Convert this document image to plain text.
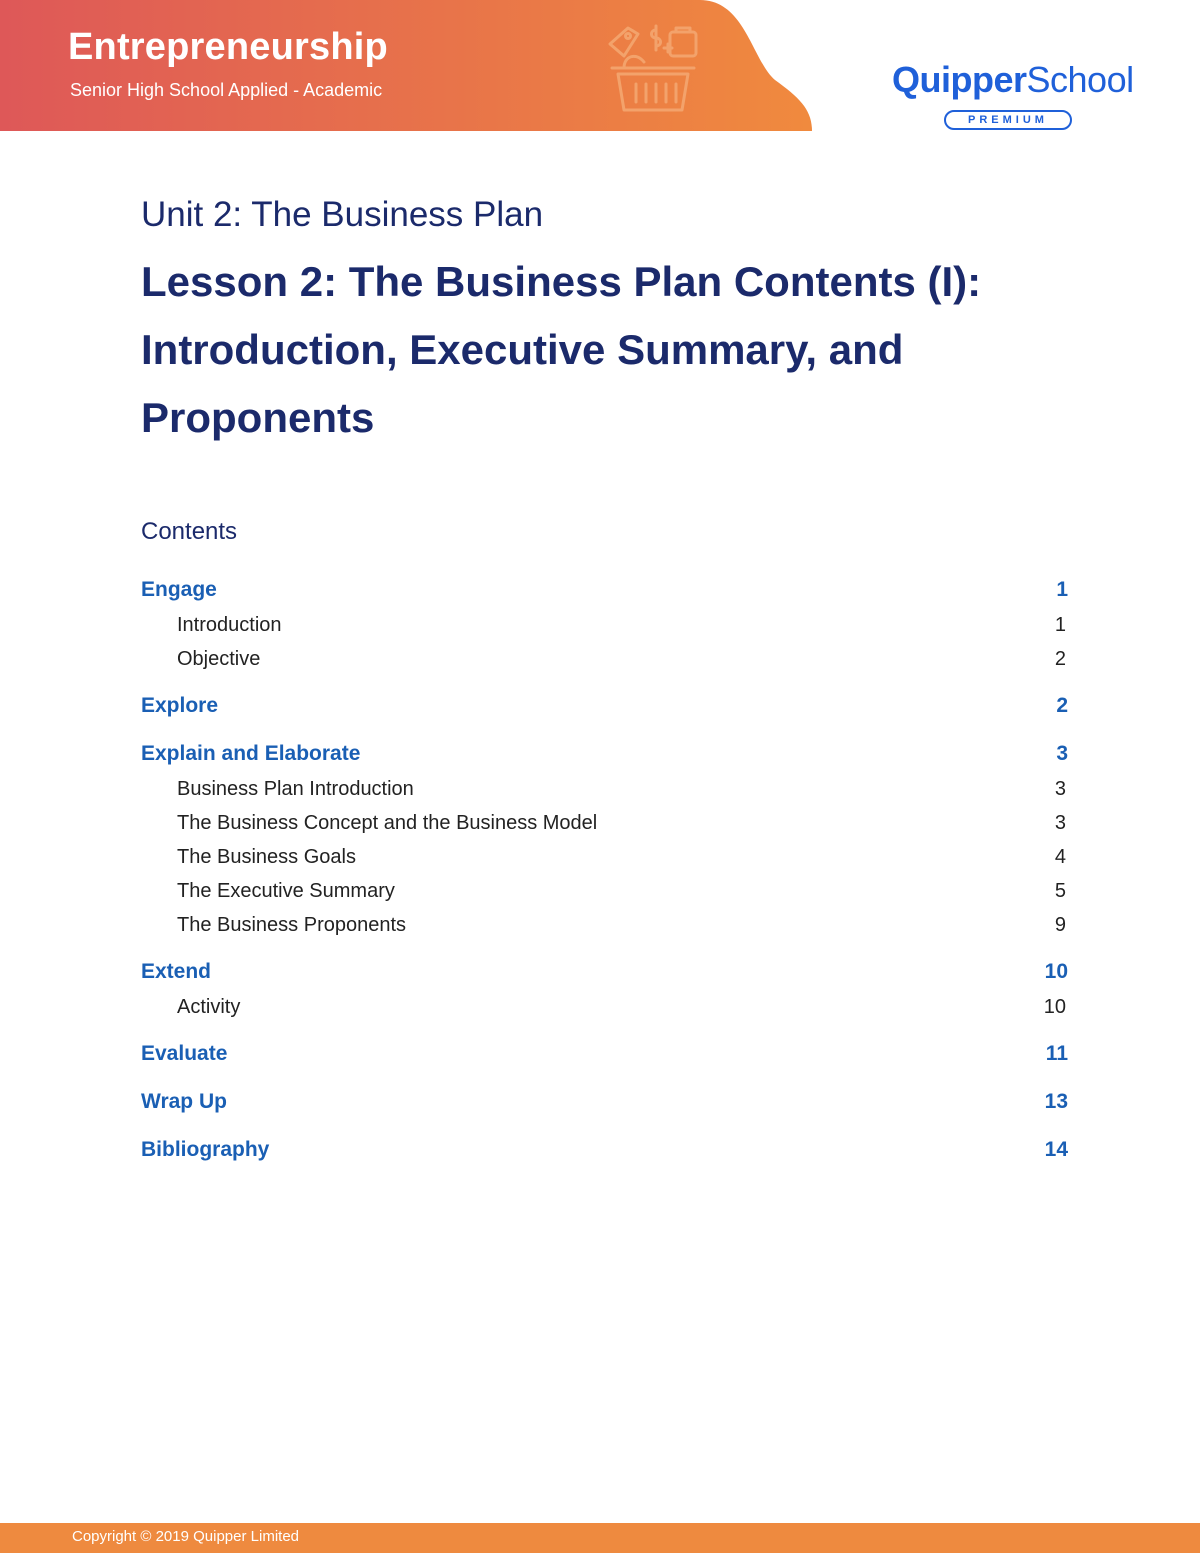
Entrepreneurship

Senior High School Applied - Academic	QuipperSchool
PREMIUM
Unit 2: The Business Plan
Lesson 2: The Business Plan Contents (I): Introduction, Executive Summary, and Proponents
Contents
Engage	1
Introduction	1
Objective	2
Explore	2
Explain and Elaborate	3
Business Plan Introduction	3
The Business Concept and the Business Model	3
The Business Goals	4
The Executive Summary	5
The Business Proponents	9
Extend	10
Activity	10
Evaluate	11
Wrap Up	13
Bibliography	14
Copyright © 2019 Quipper Limited
